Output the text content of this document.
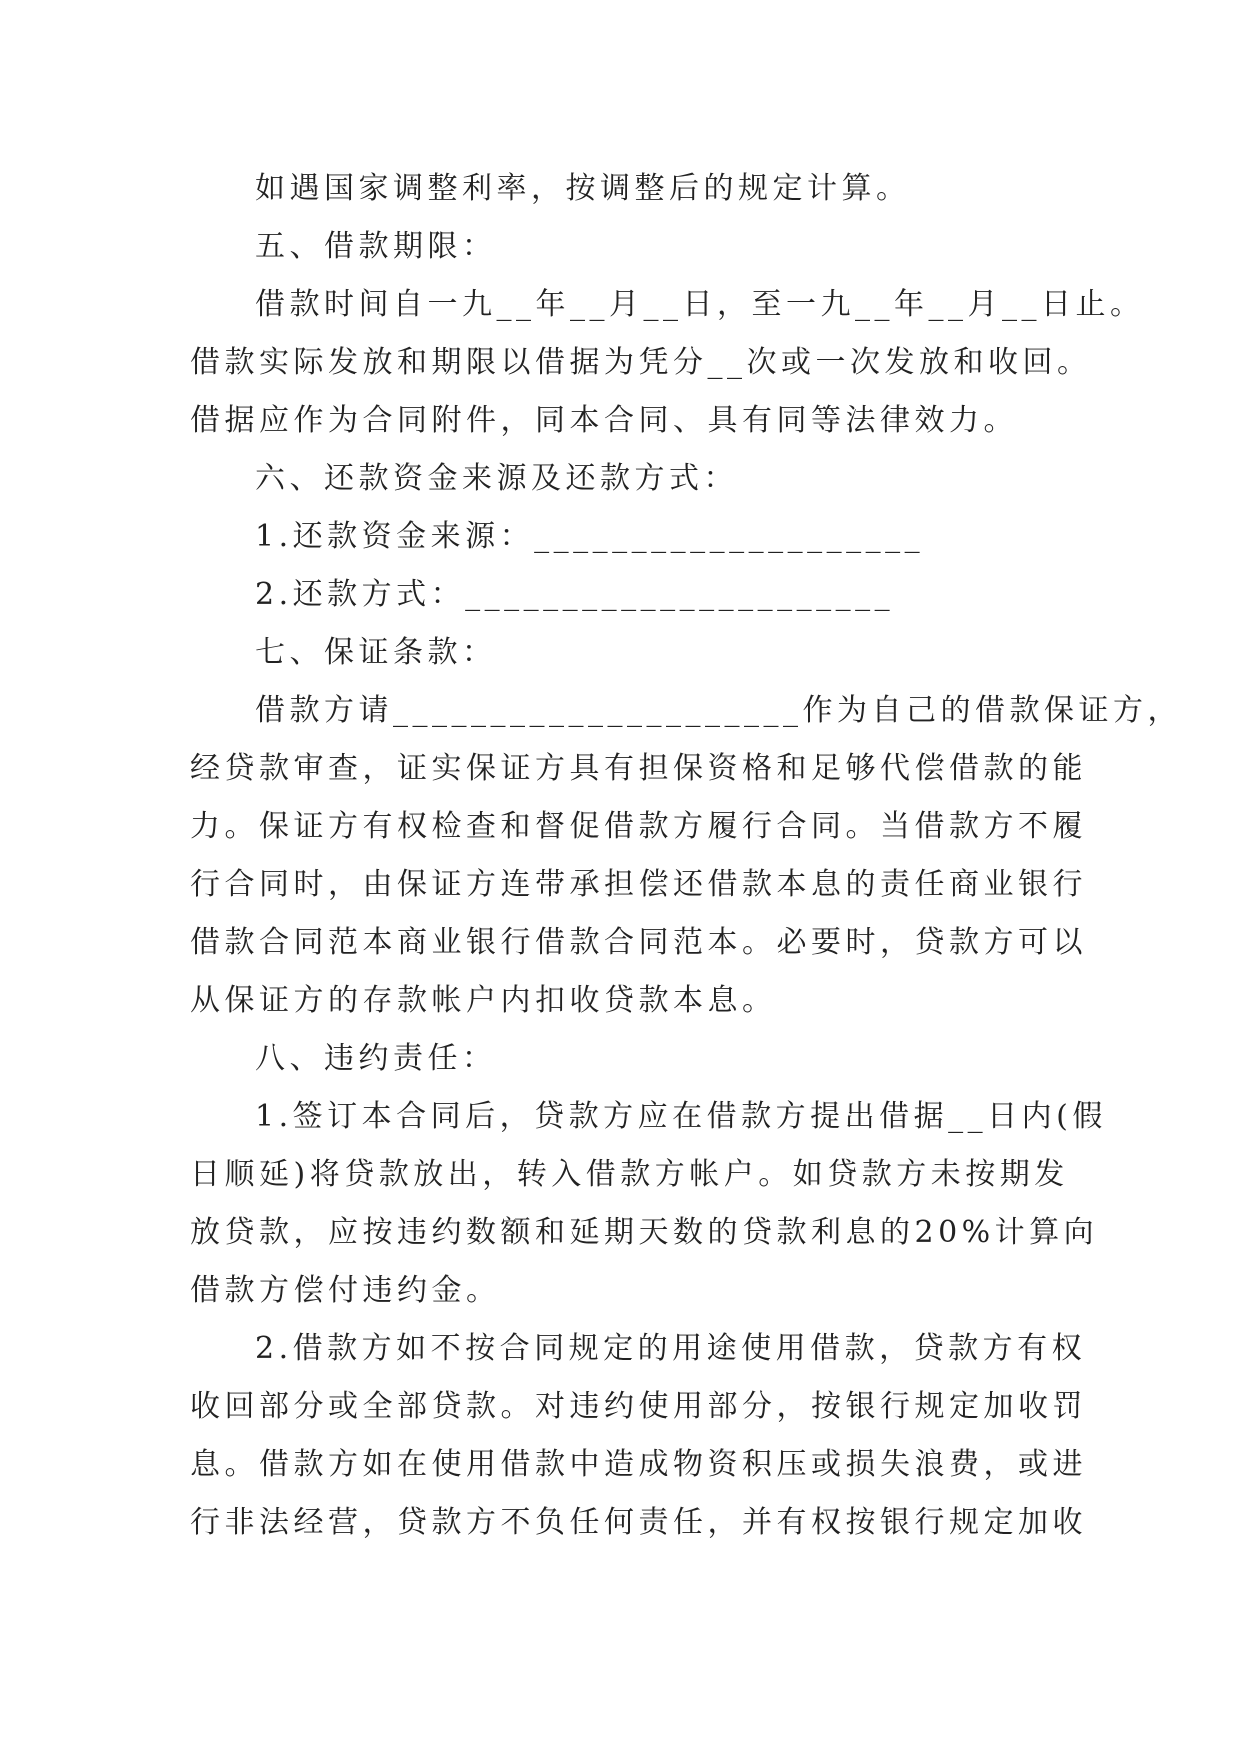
如遇国家调整利率，按调整后的规定计算。
五、借款期限：
借款时间自一九__年__月__日，至一九__年__月__日止。
借款实际发放和期限以借据为凭分__次或一次发放和收回。
借据应作为合同附件，同本合同、具有同等法律效力。
六、还款资金来源及还款方式：
1.还款资金来源：____________________
2.还款方式：______________________
七、保证条款：
借款方请_____________________作为自己的借款保证方，
经贷款审查，证实保证方具有担保资格和足够代偿借款的能
力。保证方有权检查和督促借款方履行合同。当借款方不履
行合同时，由保证方连带承担偿还借款本息的责任商业银行
借款合同范本商业银行借款合同范本。必要时，贷款方可以
从保证方的存款帐户内扣收贷款本息。
八、违约责任：
1.签订本合同后，贷款方应在借款方提出借据__日内(假
日顺延)将贷款放出，转入借款方帐户。如贷款方未按期发
放贷款，应按违约数额和延期天数的贷款利息的20%计算向
借款方偿付违约金。
2.借款方如不按合同规定的用途使用借款，贷款方有权
收回部分或全部贷款。对违约使用部分，按银行规定加收罚
息。借款方如在使用借款中造成物资积压或损失浪费，或进
行非法经营，贷款方不负任何责任，并有权按银行规定加收
